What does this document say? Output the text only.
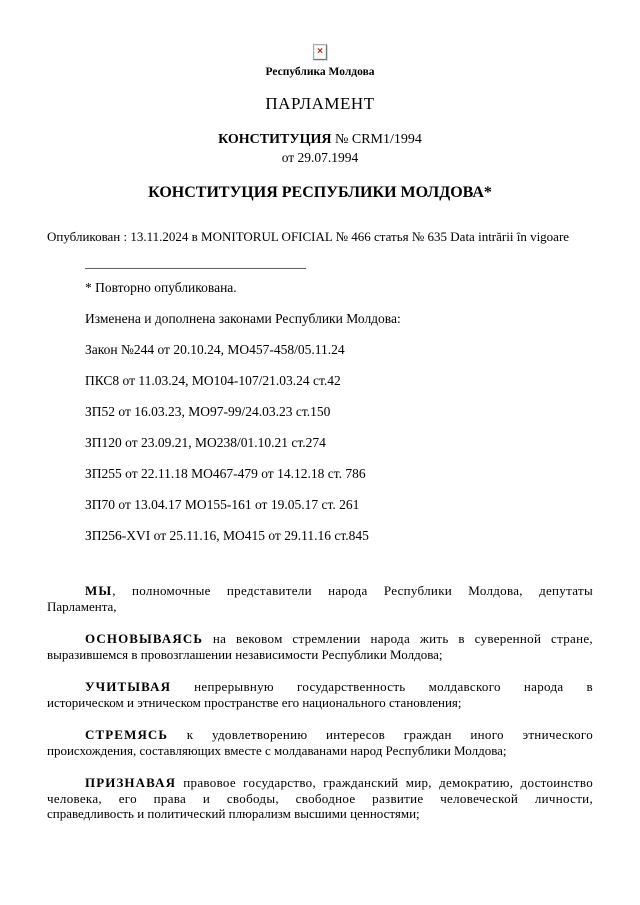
×
Республика Молдова
ПАРЛАМЕНТ
КОНСТИТУЦИЯ № CRM1/1994
от 29.07.1994
КОНСТИТУЦИЯ РЕСПУБЛИКИ МОЛДОВА*
Опубликован : 13.11.2024 в MONITORUL OFICIAL № 466 статья № 635 Data intrării în vigoare
__________________________________

* Повторно опубликована.

Изменена и дополнена законами Республики Молдова:

Закон №244 от 20.10.24, МО457-458/05.11.24

ПКС8 от 11.03.24, МО104-107/21.03.24 ст.42

ЗП52 от 16.03.23, МО97-99/24.03.23 ст.150

ЗП120 от 23.09.21, МО238/01.10.21 ст.274

ЗП255 от 22.11.18 МО467-479 от 14.12.18 ст. 786

ЗП70 от 13.04.17 МО155-161 от 19.05.17 ст. 261

ЗП256-XVI от 25.11.16, МО415 от 29.11.16 ст.845

МЫ, полномочные представители народа Республики Молдова, депутаты
Парламента,
ОСНОВЫВАЯСЬ на вековом стремлении народа жить в суверенной стране,
выразившемся в провозглашении независимости Республики Молдова;
УЧИТЫВАЯ непрерывную государственность молдавского народа в
историческом и этническом пространстве его национального становления;
СТРЕМЯСЬ к удовлетворению интересов граждан иного этнического
происхождения, составляющих вместе с молдаванами народ Республики Молдова;
ПРИЗНАВАЯ правовое государство, гражданский мир, демократию, достоинство
человека, его права и свободы, свободное развитие человеческой личности,
справедливость и политический плюрализм высшими ценностями;
